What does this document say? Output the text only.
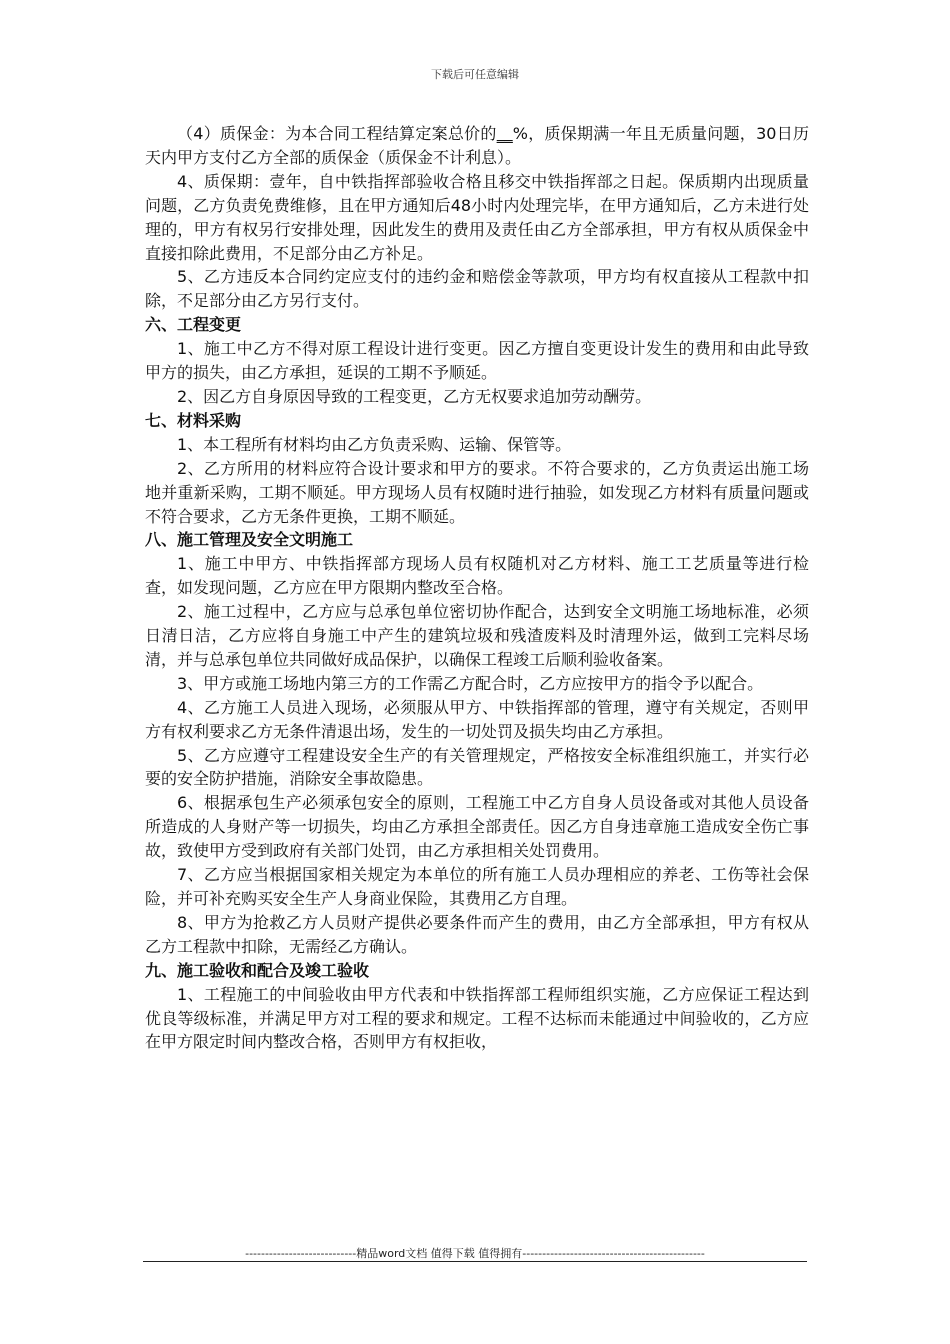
下载后可任意编辑

（4）质保金：为本合同工程结算定案总价的__%，质保期满一年且无质量问题，30日历天内甲方支付乙方全部的质保金（质保金不计利息）。

4、质保期：壹年，自中铁指挥部验收合格且移交中铁指挥部之日起。保质期内出现质量问题，乙方负责免费维修，且在甲方通知后48小时内处理完毕，在甲方通知后，乙方未进行处理的，甲方有权另行安排处理，因此发生的费用及责任由乙方全部承担，甲方有权从质保金中直接扣除此费用，不足部分由乙方补足。

5、乙方违反本合同约定应支付的违约金和赔偿金等款项，甲方均有权直接从工程款中扣除，不足部分由乙方另行支付。

六、工程变更

1、施工中乙方不得对原工程设计进行变更。因乙方擅自变更设计发生的费用和由此导致甲方的损失，由乙方承担，延误的工期不予顺延。

2、因乙方自身原因导致的工程变更，乙方无权要求追加劳动酬劳。

七、材料采购

1、本工程所有材料均由乙方负责采购、运输、保管等。

2、乙方所用的材料应符合设计要求和甲方的要求。不符合要求的，乙方负责运出施工场地并重新采购，工期不顺延。甲方现场人员有权随时进行抽验，如发现乙方材料有质量问题或不符合要求，乙方无条件更换，工期不顺延。

八、施工管理及安全文明施工

1、施工中甲方、中铁指挥部方现场人员有权随机对乙方材料、施工工艺质量等进行检查，如发现问题，乙方应在甲方限期内整改至合格。

2、施工过程中，乙方应与总承包单位密切协作配合，达到安全文明施工场地标准，必须日清日洁，乙方应将自身施工中产生的建筑垃圾和残渣废料及时清理外运，做到工完料尽场清，并与总承包单位共同做好成品保护，以确保工程竣工后顺利验收备案。

3、甲方或施工场地内第三方的工作需乙方配合时，乙方应按甲方的指令予以配合。

4、乙方施工人员进入现场，必须服从甲方、中铁指挥部的管理，遵守有关规定，否则甲方有权利要求乙方无条件清退出场，发生的一切处罚及损失均由乙方承担。

5、乙方应遵守工程建设安全生产的有关管理规定，严格按安全标准组织施工，并实行必要的安全防护措施，消除安全事故隐患。

6、根据承包生产必须承包安全的原则，工程施工中乙方自身人员设备或对其他人员设备所造成的人身财产等一切损失，均由乙方承担全部责任。因乙方自身违章施工造成安全伤亡事故，致使甲方受到政府有关部门处罚，由乙方承担相关处罚费用。

7、乙方应当根据国家相关规定为本单位的所有施工人员办理相应的养老、工伤等社会保险，并可补充购买安全生产人身商业保险，其费用乙方自理。

8、甲方为抢救乙方人员财产提供必要条件而产生的费用，由乙方全部承担，甲方有权从乙方工程款中扣除，无需经乙方确认。

九、施工验收和配合及竣工验收

1、工程施工的中间验收由甲方代表和中铁指挥部工程师组织实施，乙方应保证工程达到优良等级标准，并满足甲方对工程的要求和规定。工程不达标而未能通过中间验收的，乙方应在甲方限定时间内整改合格，否则甲方有权拒收，

----------------------------精品word文档 值得下载 值得拥有----------------------------------------------
